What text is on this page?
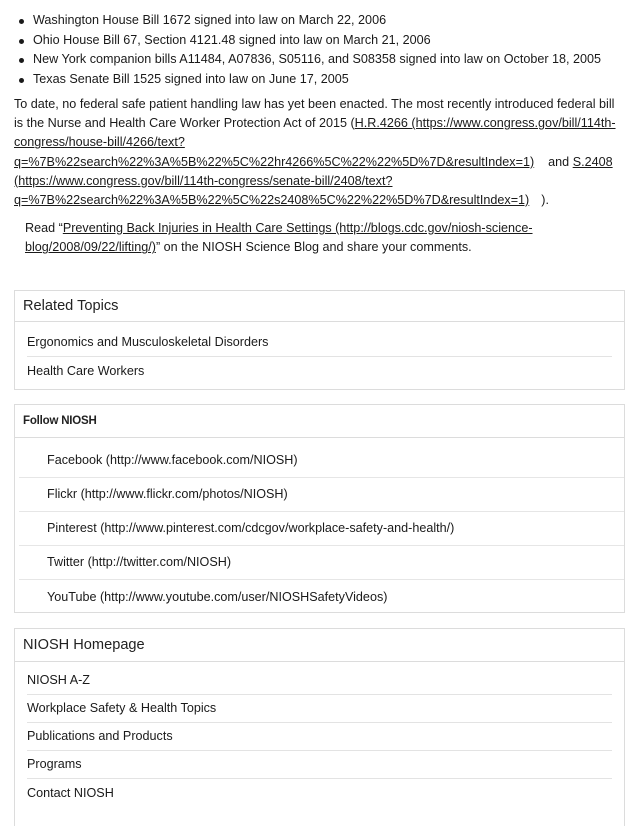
Washington House Bill 1672 signed into law on March 22, 2006
Ohio House Bill 67, Section 4121.48 signed into law on March 21, 2006
New York companion bills A11484, A07836, S05116, and S08358 signed into law on October 18, 2005
Texas Senate Bill 1525 signed into law on June 17, 2005

To date, no federal safe patient handling law has yet been enacted. The most recently introduced federal bill is the Nurse and Health Care Worker Protection Act of 2015 (H.R.4266 (https://www.congress.gov/bill/114th-congress/house-bill/4266/text?q=%7B%22search%22%3A%5B%22%5C%22hr4266%5C%22%22%5D%7D&resultIndex=1) and S.2408 (https://www.congress.gov/bill/114th-congress/senate-bill/2408/text?q=%7B%22search%22%3A%5B%22%5C%22s2408%5C%22%22%5D%7D&resultIndex=1) ).

Read “Preventing Back Injuries in Health Care Settings (http://blogs.cdc.gov/niosh-science-blog/2008/09/22/lifting/)” on the NIOSH Science Blog and share your comments.

Related Topics
Ergonomics and Musculoskeletal Disorders
Health Care Workers
Follow NIOSH
Facebook (http://www.facebook.com/NIOSH)
Flickr (http://www.flickr.com/photos/NIOSH)
Pinterest (http://www.pinterest.com/cdcgov/workplace-safety-and-health/)
Twitter (http://twitter.com/NIOSH)
YouTube (http://www.youtube.com/user/NIOSHSafetyVideos)
NIOSH Homepage
NIOSH A-Z
Workplace Safety & Health Topics
Publications and Products
Programs
Contact NIOSH
